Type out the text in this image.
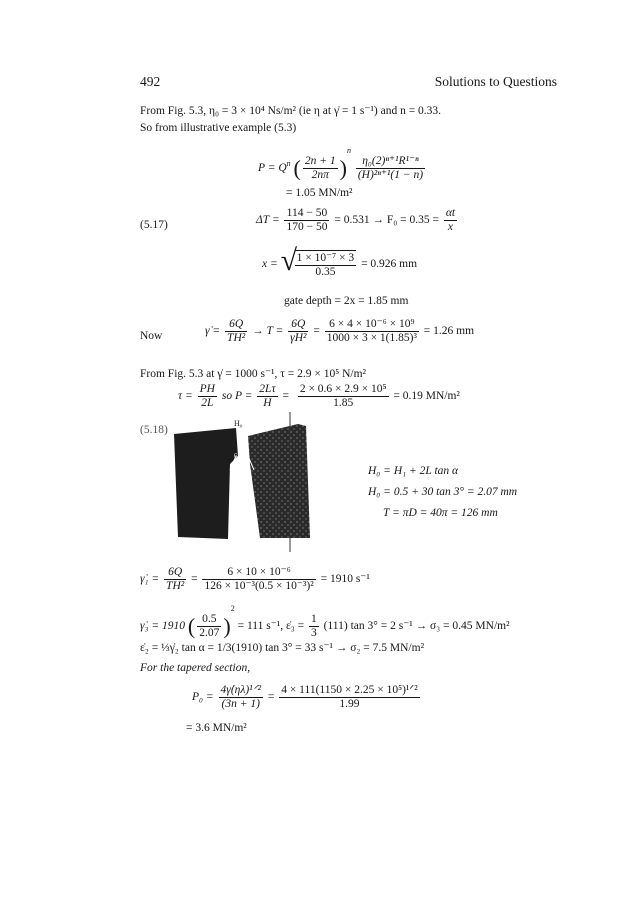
492	Solutions to Questions
From Fig. 5.3, η₀ = 3 × 10⁴ Ns/m² (ie η at γ̇ = 1 s⁻¹) and n = 0.33.
So from illustrative example (5.3)
$P = Q^n$ ( $\frac{2n + 1}{2n\pi} )^n$
$\frac{\text{η₀(2)ⁿ⁺¹R¹⁻ⁿ}}{\text{(H)²ⁿ⁺¹(1 − n)}}$
= 1.05 MN/m²
(5.17)	$\Delta T = \frac{114 - 50}{170 - 50} = 0.531 \to F_0 = 0.35 = \frac{\alpha t}{x}$
x = √
$\frac{\text{1 × 10⁻⁷ × 3}}{0.35} = 0.926$ mm
gate depth = 2x = 1.85 mm
Now	γ̇ = $\frac{6Q}{\text{TH²}} \to T = \frac{6Q}{\text{γ̇H²}} = \frac{\text{6 × 4 × 10⁻⁶ × 10⁹}}{\text{1000 × 3 × 1(1.85)³}} = 1.26$ mm
From Fig. 5.3 at γ̇ = 1000 s⁻¹, τ = 2.9 × 10⁵ N/m²
$\tau = \frac{PH}{2L}$ so $P = \frac{2L\tau}{H} = \frac{\text{2 × 0.6 × 2.9 × 10⁵}}{1.85} = 0.19$ MN/m²
(5.18)
H₀
6°
H₀ = H₁ + 2L tan α
H₀ = 0.5 + 30 tan 3° = 2.07 mm
T = πD = 40π = 126 mm
γ̇₁ = $\frac{6Q}{\text{TH²}} = \frac{\text{6 × 10 × 10⁻⁶}}{\text{126 × 10⁻³(0.5 × 10⁻³)²}} = 1910$ s⁻¹
γ̇₃ = 1910 ( $\frac{0.5}{2.07} )^2 = 111$ s⁻¹, ε̇₃ = $\frac{1}{3} (111)$ tan 3° = 2 s⁻¹ → σ₃ = 0.45 MN/m²
ε̇₂ = ⅓γ̇₂ tan α = 1/3(1910) tan 3° = 33 s⁻¹ → σ₂ = 7.5 MN/m²
For the tapered section,
$P_0 = \frac{\text{4γ̇(ηλ)¹ᐟ²}}{(3n + 1)} = \frac{\text{4 × 111(1150 × 2.25 × 10⁵)¹ᐟ²}}{1.99}$
= 3.6 MN/m²
